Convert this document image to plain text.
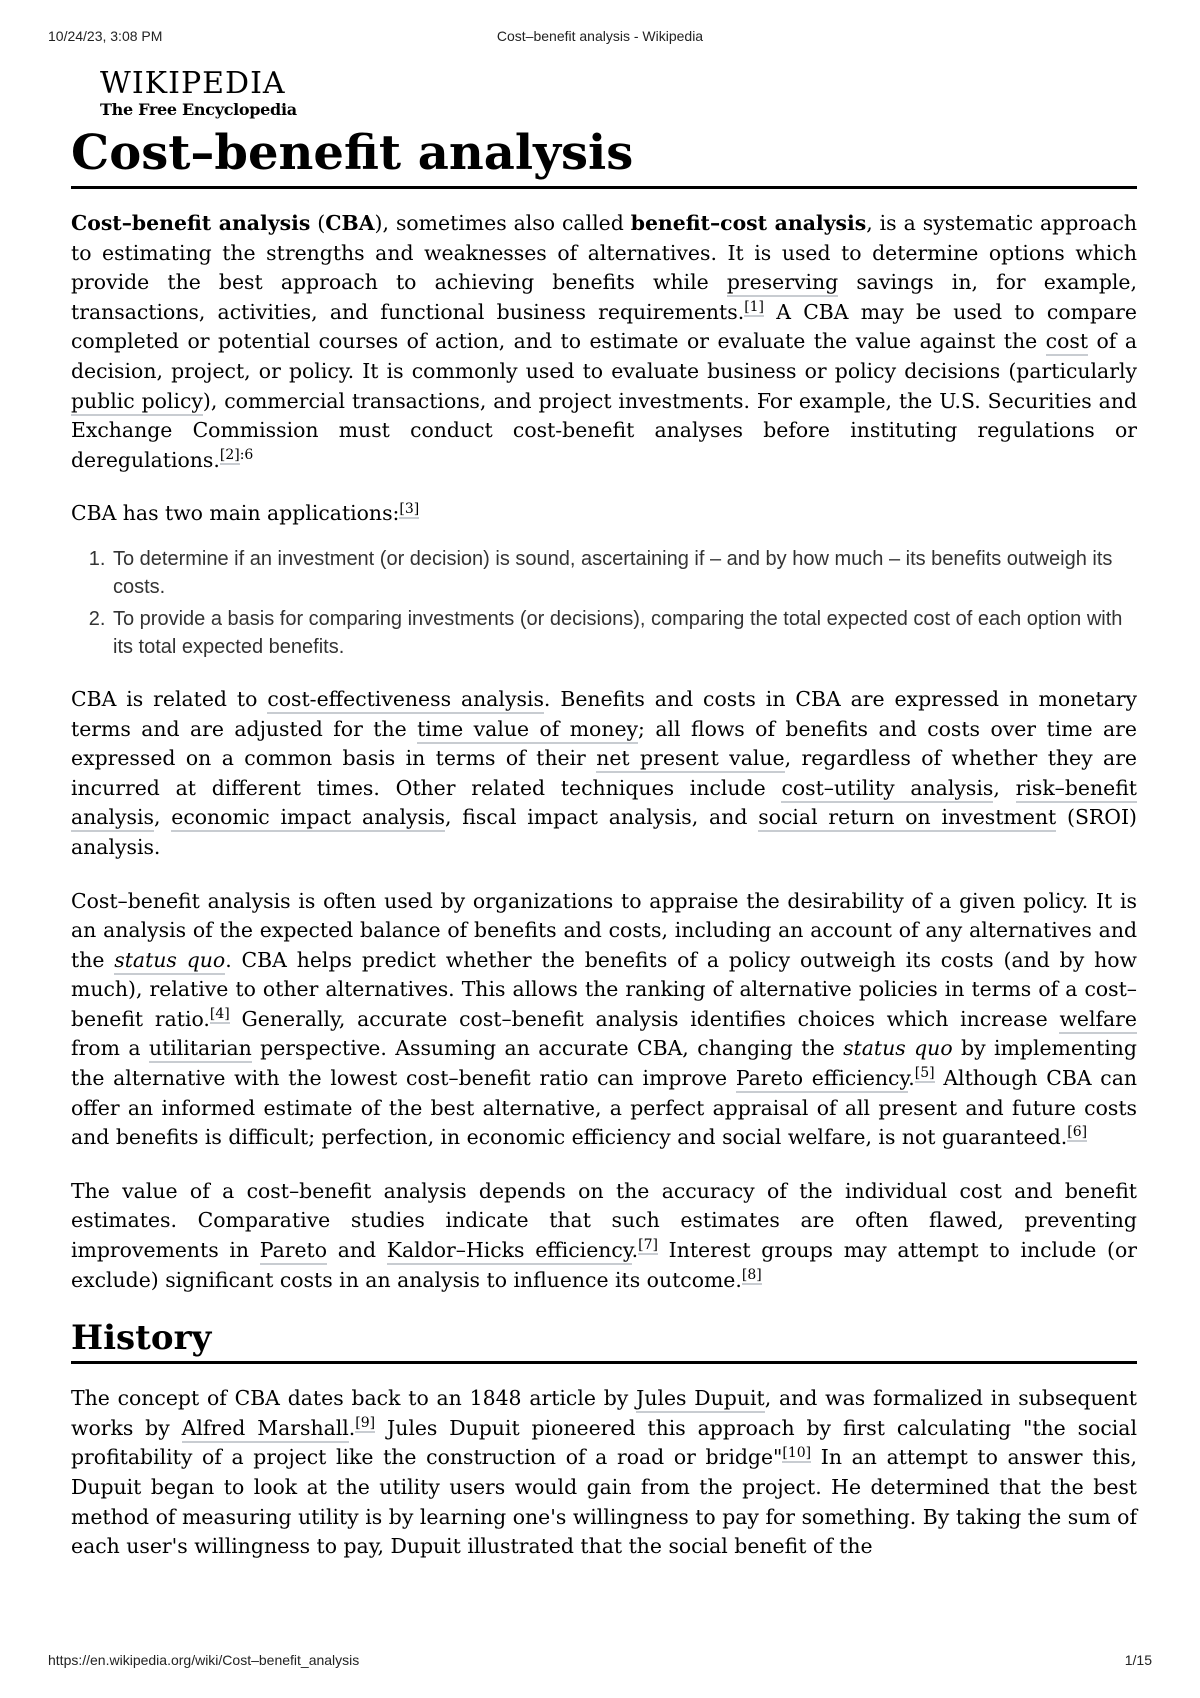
10/24/23, 3:08 PM	Cost–benefit analysis - Wikipedia
WIKIPEDIA
The Free Encyclopedia
Cost–benefit analysis

Cost–benefit analysis (CBA), sometimes also called benefit–cost analysis, is a systematic approach to estimating the strengths and weaknesses of alternatives. It is used to determine options which provide the best approach to achieving benefits while preserving savings in, for example, transactions, activities, and functional business requirements.[1] A CBA may be used to compare completed or potential courses of action, and to estimate or evaluate the value against the cost of a decision, project, or policy. It is commonly used to evaluate business or policy decisions (particularly public policy), commercial transactions, and project investments. For example, the U.S. Securities and Exchange Commission must conduct cost-benefit analyses before instituting regulations or deregulations.$^{[2]:6}$

CBA has two main applications:[3]

1. To determine if an investment (or decision) is sound, ascertaining if – and by how much – its benefits outweigh its costs.
2. To provide a basis for comparing investments (or decisions), comparing the total expected cost of each option with its total expected benefits.

CBA is related to cost-effectiveness analysis. Benefits and costs in CBA are expressed in monetary terms and are adjusted for the time value of money; all flows of benefits and costs over time are expressed on a common basis in terms of their net present value, regardless of whether they are incurred at different times. Other related techniques include cost–utility analysis, risk–benefit analysis, economic impact analysis, fiscal impact analysis, and social return on investment (SROI) analysis.

Cost–benefit analysis is often used by organizations to appraise the desirability of a given policy. It is an analysis of the expected balance of benefits and costs, including an account of any alternatives and the status quo. CBA helps predict whether the benefits of a policy outweigh its costs (and by how much), relative to other alternatives. This allows the ranking of alternative policies in terms of a cost–benefit ratio.[4] Generally, accurate cost–benefit analysis identifies choices which increase welfare from a utilitarian perspective. Assuming an accurate CBA, changing the status quo by implementing the alternative with the lowest cost–benefit ratio can improve Pareto efficiency.[5] Although CBA can offer an informed estimate of the best alternative, a perfect appraisal of all present and future costs and benefits is difficult; perfection, in economic efficiency and social welfare, is not guaranteed.[6]

The value of a cost–benefit analysis depends on the accuracy of the individual cost and benefit estimates. Comparative studies indicate that such estimates are often flawed, preventing improvements in Pareto and Kaldor–Hicks efficiency.[7] Interest groups may attempt to include (or exclude) significant costs in an analysis to influence its outcome.[8]

History

The concept of CBA dates back to an 1848 article by Jules Dupuit, and was formalized in subsequent works by Alfred Marshall.[9] Jules Dupuit pioneered this approach by first calculating "the social profitability of a project like the construction of a road or bridge"[10] In an attempt to answer this, Dupuit began to look at the utility users would gain from the project. He determined that the best method of measuring utility is by learning one's willingness to pay for something. By taking the sum of each user's willingness to pay, Dupuit illustrated that the social benefit of the

https://en.wikipedia.org/wiki/Cost–benefit_analysis	1/15
